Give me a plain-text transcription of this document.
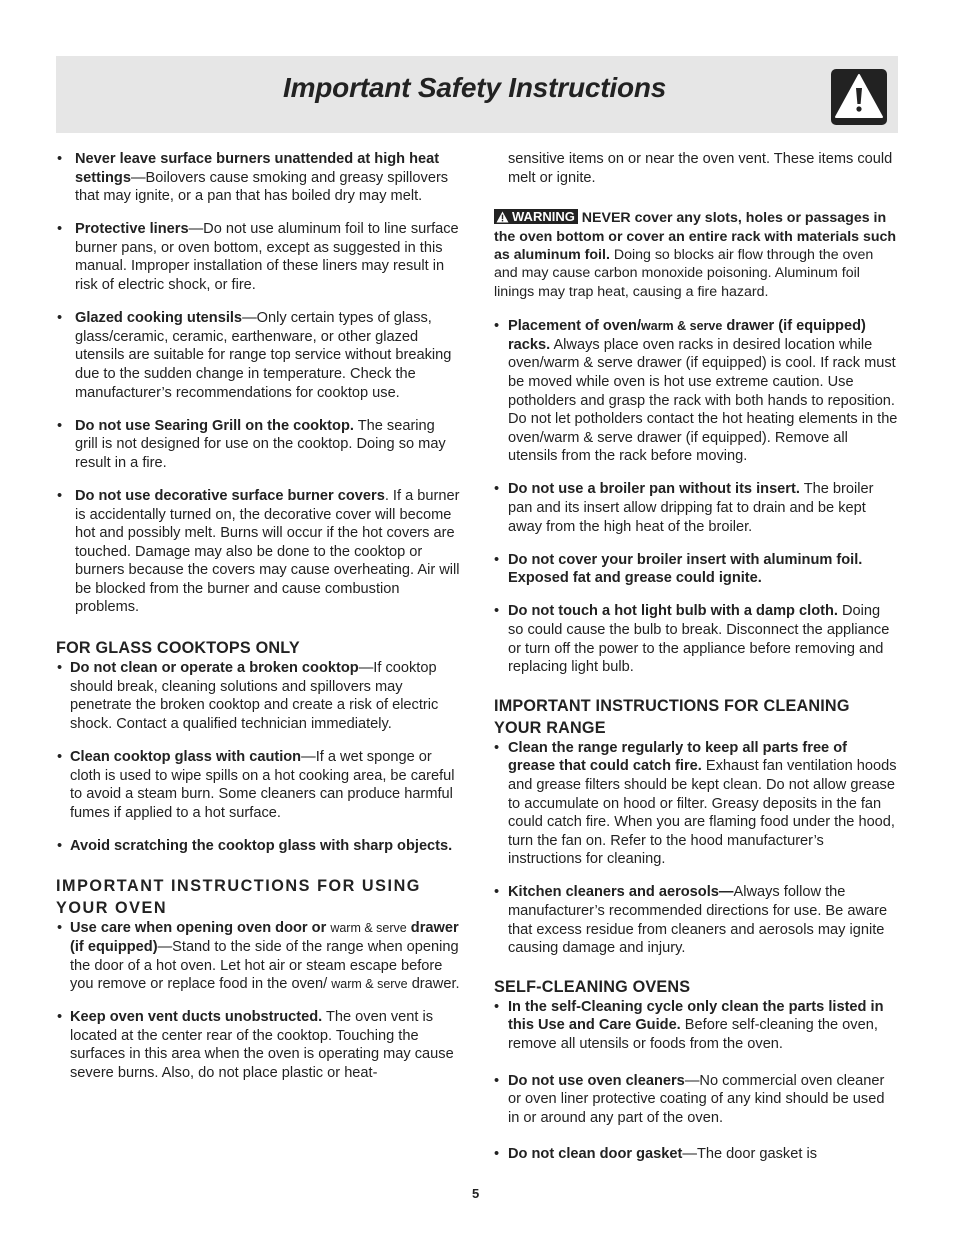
Important Safety Instructions
• Never leave surface burners unattended at high heat settings—Boilovers cause smoking and greasy spillovers that may ignite, or a pan that has boiled dry may melt.
• Protective liners—Do not use aluminum foil to line surface burner pans, or oven bottom, except as suggested in this manual. Improper installation of these liners may result in risk of electric shock, or fire.
• Glazed cooking utensils—Only certain types of glass, glass/ceramic, ceramic, earthenware, or other glazed utensils are suitable for range top service without breaking due to the sudden change in temperature. Check the manufacturer’s recommendations for cooktop use.
• Do not use Searing Grill on the cooktop. The searing grill is not designed for use on the cooktop. Doing so may result in a fire.
• Do not use decorative surface burner covers. If a burner is accidentally turned on, the decorative cover will become hot and possibly melt. Burns will occur if the hot covers are touched. Damage may also be done to the cooktop or burners because the covers may cause overheating. Air will be blocked from the burner and cause combustion problems.
FOR GLASS COOKTOPS ONLY
• Do not clean or operate a broken cooktop—If cooktop should break, cleaning solutions and spillovers may penetrate the broken cooktop and create a risk of electric shock. Contact a qualified technician immediately.
• Clean cooktop glass with caution—If a wet sponge or cloth is used to wipe spills on a hot cooking area, be careful to avoid a steam burn. Some cleaners can produce harmful fumes if applied to a hot surface.
• Avoid scratching the cooktop glass with sharp objects.
IMPORTANT INSTRUCTIONS FOR USING YOUR OVEN
• Use care when opening oven door or warm & serve drawer (if equipped)—Stand to the side of the range when opening the door of a hot oven. Let hot air or steam escape before you remove or replace food in the oven/ warm & serve drawer.
• Keep oven vent ducts unobstructed. The oven vent is located at the center rear of the cooktop. Touching the surfaces in this area when the oven is operating may cause severe burns. Also, do not place plastic or heat-
sensitive items on or near the oven vent. These items could melt or ignite.
WARNING NEVER cover any slots, holes or passages in the oven bottom or cover an entire rack with materials such as aluminum foil. Doing so blocks air flow through the oven and may cause carbon monoxide poisoning. Aluminum foil linings may trap heat, causing a fire hazard.
• Placement of oven/warm & serve drawer (if equipped) racks. Always place oven racks in desired location while oven/warm & serve drawer (if equipped) is cool. If rack must be moved while oven is hot use extreme caution. Use potholders and grasp the rack with both hands to reposition. Do not let potholders contact the hot heating elements in the oven/warm & serve drawer (if equipped). Remove all utensils from the rack before moving.
• Do not use a broiler pan without its insert. The broiler pan and its insert allow dripping fat to drain and be kept away from the high heat of the broiler.
• Do not cover your broiler insert with aluminum foil. Exposed fat and grease could ignite.
• Do not touch a hot light bulb with a damp cloth. Doing so could cause the bulb to break. Disconnect the appliance or turn off the power to the appliance before removing and replacing light bulb.
IMPORTANT INSTRUCTIONS FOR CLEANING YOUR RANGE
• Clean the range regularly to keep all parts free of grease that could catch fire. Exhaust fan ventilation hoods and grease filters should be kept clean. Do not allow grease to accumulate on hood or filter. Greasy deposits in the fan could catch fire. When you are flaming food under the hood, turn the fan on. Refer to the hood manufacturer’s instructions for cleaning.
• Kitchen cleaners and aerosols—Always follow the manufacturer’s recommended directions for use. Be aware that excess residue from cleaners and aerosols may ignite causing damage and injury.
SELF-CLEANING OVENS
• In the self-Cleaning cycle only clean the parts listed in this Use and Care Guide. Before self-cleaning the oven, remove all utensils or foods from the oven.
• Do not use oven cleaners—No commercial oven cleaner or oven liner protective coating of any kind should be used in or around any part of the oven.
• Do not clean door gasket—The door gasket is
5
